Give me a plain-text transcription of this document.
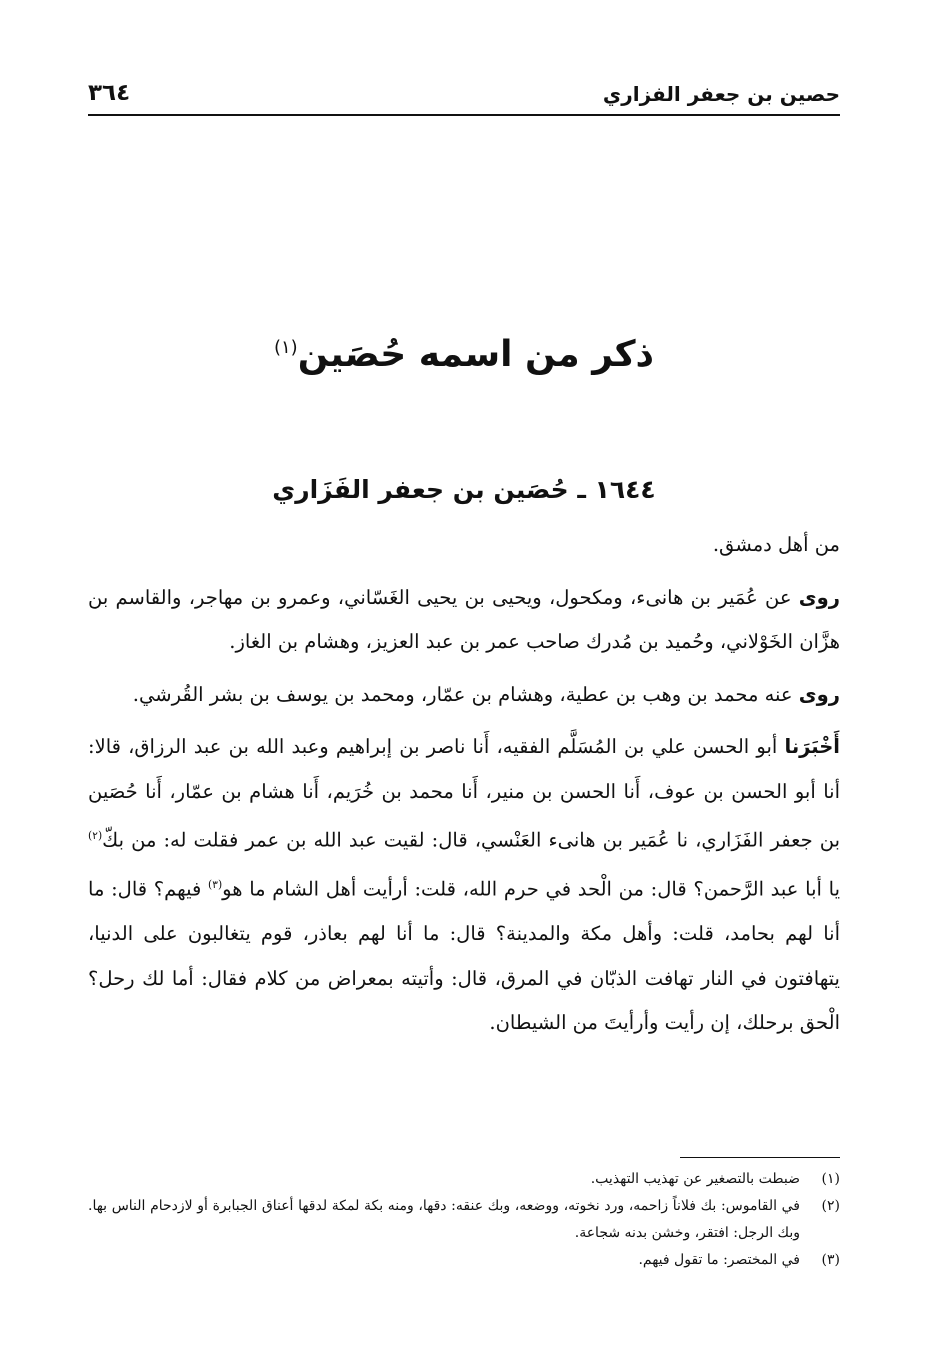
حصين بن جعفر الفزاري
٣٦٤
ذكر من اسمه حُصَين$^{(١)}$
١٦٤٤ ـ حُصَين بن جعفر الفَزَاري

من أهل دمشق.

روى عن عُمَير بن هانىء، ومكحول، ويحيى بن يحيى الغَسّاني، وعمرو بن مهاجر، والقاسم بن هزَّان الخَوْلاني، وحُميد بن مُدرك صاحب عمر بن عبد العزيز، وهشام بن الغاز.

روى عنه محمد بن وهب بن عطية، وهشام بن عمّار، ومحمد بن يوسف بن بشر القُرشي.

أَخْبَرَنا أبو الحسن علي بن المُسَلَّم الفقيه، أَنا ناصر بن إبراهيم وعبد الله بن عبد الرزاق، قالا: أنا أبو الحسن بن عوف، أَنا الحسن بن منير، أَنا محمد بن خُرَيم، أَنا هشام بن عمّار، أَنا حُصَين بن جعفر الفَزَاري، نا عُمَير بن هانىء العَنْسي، قال: لقيت عبد الله بن عمر فقلت له: من بكّ$^{(٢)}$ يا أبا عبد الرَّحمن؟ قال: من الْحد في حرم الله، قلت: أرأيت أهل الشام ما هو$^{(٣)}$ فيهم؟ قال: ما أنا لهم بحامد، قلت: وأهل مكة والمدينة؟ قال: ما أنا لهم بعاذر، قوم يتغالبون على الدنيا، يتهافتون في النار تهافت الذبّان في المرق، قال: وأتيته بمعراض من كلام فقال: أما لك رحل؟ الْحق برحلك، إن رأيت وأرأيتَ من الشيطان.

(١)
ضبطت بالتصغير عن تهذيب التهذيب.
(٢)
في القاموس: بك فلاناً زاحمه، ورد نخوته، ووضعه، وبك عنقه: دقها، ومنه بكة لمكة لدقها أعناق الجبابرة أو لازدحام الناس بها. وبك الرجل: افتقر، وخشن بدنه شجاعة.
(٣)
في المختصر: ما تقول فيهم.
